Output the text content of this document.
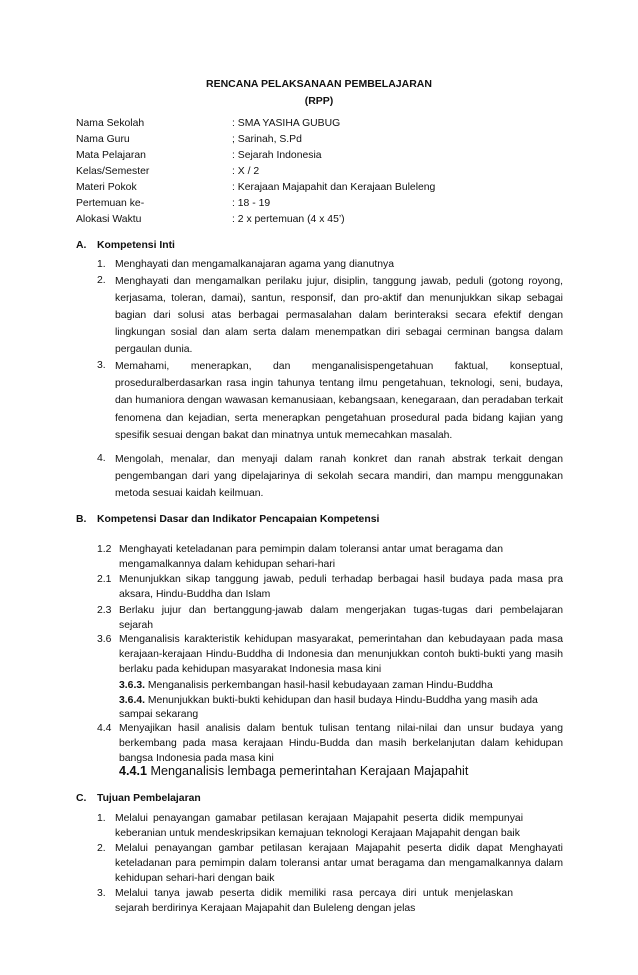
RENCANA PELAKSANAAN PEMBELAJARAN
(RPP)
Nama Sekolah	: SMA YASIHA GUBUG
Nama Guru	; Sarinah, S.Pd
Mata Pelajaran	: Sejarah Indonesia
Kelas/Semester	: X / 2
Materi Pokok	: Kerajaan Majapahit dan Kerajaan Buleleng
Pertemuan ke-	: 18 - 19
Alokasi Waktu	: 2 x pertemuan (4 x 45’)
A. Kompetensi Inti
1. Menghayati dan mengamalkanajaran agama yang dianutnya
2. Menghayati dan mengamalkan perilaku jujur, disiplin, tanggung jawab, peduli (gotong royong, kerjasama, toleran, damai), santun, responsif, dan pro-aktif dan menunjukkan sikap sebagai bagian dari solusi atas berbagai permasalahan dalam berinteraksi secara efektif dengan lingkungan sosial dan alam serta dalam menempatkan diri sebagai cerminan bangsa dalam pergaulan dunia.
3. Memahami, menerapkan, dan menganalisispengetahuan faktual, konseptual, proseduralberdasarkan rasa ingin tahunya tentang ilmu pengetahuan, teknologi, seni, budaya, dan humaniora dengan wawasan kemanusiaan, kebangsaan, kenegaraan, dan peradaban terkait fenomena dan kejadian, serta menerapkan pengetahuan prosedural pada bidang kajian yang spesifik sesuai dengan bakat dan minatnya untuk memecahkan masalah.
4. Mengolah, menalar, dan menyaji dalam ranah konkret dan ranah abstrak terkait dengan pengembangan dari yang dipelajarinya di sekolah secara mandiri, dan mampu menggunakan metoda sesuai kaidah keilmuan.
B. Kompetensi Dasar dan Indikator Pencapaian Kompetensi
1.2 Menghayati keteladanan para pemimpin dalam toleransi antar umat beragama dan mengamalkannya dalam kehidupan sehari-hari
2.1 Menunjukkan sikap tanggung jawab, peduli terhadap berbagai hasil budaya pada masa pra aksara, Hindu-Buddha dan Islam
2.3 Berlaku jujur dan bertanggung-jawab dalam mengerjakan tugas-tugas dari pembelajaran sejarah
3.6 Menganalisis karakteristik kehidupan masyarakat, pemerintahan dan kebudayaan pada masa kerajaan-kerajaan Hindu-Buddha di Indonesia dan menunjukkan contoh bukti-bukti yang masih berlaku pada kehidupan masyarakat Indonesia masa kini
3.6.3. Menganalisis perkembangan hasil-hasil kebudayaan zaman Hindu-Buddha
3.6.4. Menunjukkan bukti-bukti kehidupan dan hasil budaya Hindu-Buddha yang masih ada sampai sekarang
4.4 Menyajikan hasil analisis dalam bentuk tulisan tentang nilai-nilai dan unsur budaya yang berkembang pada masa kerajaan Hindu-Budda dan masih berkelanjutan dalam kehidupan bangsa Indonesia pada masa kini
4.4.1 Menganalisis lembaga pemerintahan Kerajaan Majapahit
C. Tujuan Pembelajaran
1. Melalui penayangan gamabar petilasan kerajaan Majapahit peserta didik mempunyai keberanian untuk mendeskripsikan kemajuan teknologi Kerajaan Majapahit dengan baik
2. Melalui penayangan gambar petilasan kerajaan Majapahit peserta didik dapat Menghayati keteladanan para pemimpin dalam toleransi antar umat beragama dan mengamalkannya dalam kehidupan sehari-hari dengan baik
3. Melalui tanya jawab peserta didik memiliki rasa percaya diri untuk menjelaskan sejarah berdirinya Kerajaan Majapahit dan Buleleng dengan jelas
